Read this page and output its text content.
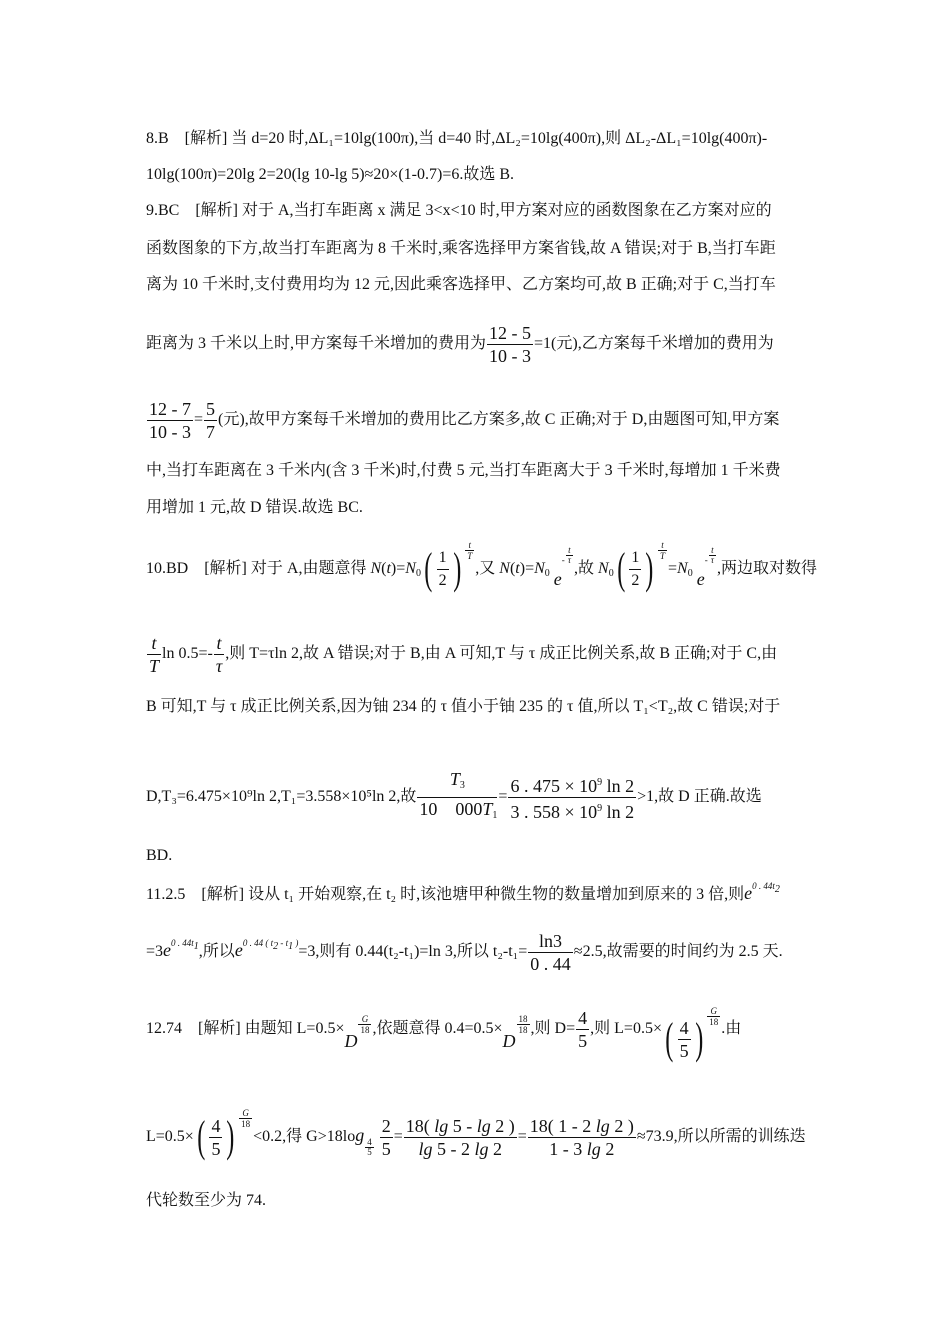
8.B　[解析] 当 d=20 时,ΔL₁=10lg(100π),当 d=40 时,ΔL₂=10lg(400π),则 ΔL₂-ΔL₁=10lg(400π)-
10lg(100π)=20lg 2=20(lg 10-lg 5)≈20×(1-0.7)=6.故选 B.
9.BC　[解析] 对于 A,当打车距离 x 满足 3<x<10 时,甲方案对应的函数图象在乙方案对应的
函数图象的下方,故当打车距离为 8 千米时,乘客选择甲方案省钱,故 A 错误;对于 B,当打车距
离为 10 千米时,支付费用均为 12 元,因此乘客选择甲、乙方案均可,故 B 正确;对于 C,当打车
距离为 3 千米以上时,甲方案每千米增加的费用为 $\frac{12 - 5}{10 - 3} =1$(元),乙方案每千米增加的费用为
$\frac{12 - 7}{10 - 3} = \frac{5}{7}$ (元),故甲方案每千米增加的费用比乙方案多,故 C 正确;对于 D,由题图可知,甲方案
中,当打车距离在 3 千米内(含 3 千米)时,付费 5 元,当打车距离大于 3 千米时,每增加 1 千米费
用增加 1 元,故 D 错误.故选 BC.
10.BD　[解析] 对于 A,由题意得 $N(t)=N_0( \frac{1}{2}$ ) $\frac{t}{T}$
,又 $N(t)=N_0$ $e^{- \frac{t}{\tau}}$
,故 $N_0( \frac{1}{2}$ ) $\frac{t}{T}$
$=N_0$ $e^{- \frac{t}{\tau}}$
,两边取对数得
$\frac{t}{T}$ $\ln 0.5=- \frac{t}{\tau}$ ,则 T=τln 2,故 A 错误;对于 B,由 A 可知,T 与 τ 成正比例关系,故 B 正确;对于 C,由
B 可知,T 与 τ 成正比例关系,因为铀 234 的 τ 值小于铀 235 的 τ 值,所以 T₁<T₂,故 C 错误;对于
D,T₃=6.475×10⁹ln 2,T₁=3.558×10⁵ln 2,故 $\frac{T_3}{10 000T_1} = \frac{6 . 475 \times 10^9 \ln 2}{3 . 558 \times 10^9 \ln 2} >1$,故 D 正确.故选
BD.
11.2.5　[解析] 设从 t₁ 开始观察,在 t₂ 时,该池塘甲种微生物的数量增加到原来的 3 倍,则$e^{0 . 44t_2}$
$=3e^{0 . 44t_1}$,所以$e^{0 . 44 ( t_2 - t_1 )}=3$,则有 0.44(t₂-t₁)=ln 3,所以 $t_2-t_1= \frac{\ln 3}{0 . 44} \approx 2.5$,故需要的时间约为 2.5 天.
12.74　[解析] 由题知 L=0.5×D
$\frac{G}{18}$ ,依题意得 0.4=0.5×D
$\frac{18}{18}$ ,则 $D= \frac{4}{5}$ ,则 $L=0.5\times( \frac{4}{5}$ ) $\frac{G}{18}$
.由
$L=0.5\times( \frac{4}{5}$ ) $\frac{G}{18}$
<0.2,得 G>18log
$\frac{4}{5}$
$\frac{2}{5} = \frac{18( \lg 5 - \lg 2 )}{\lg 5 - 2 \lg 2} = \frac{18( 1 - 2 \lg 2 )}{1 - 3 \lg 2} \approx 73.9$,所以所需的训练迭
代轮数至少为 74.
